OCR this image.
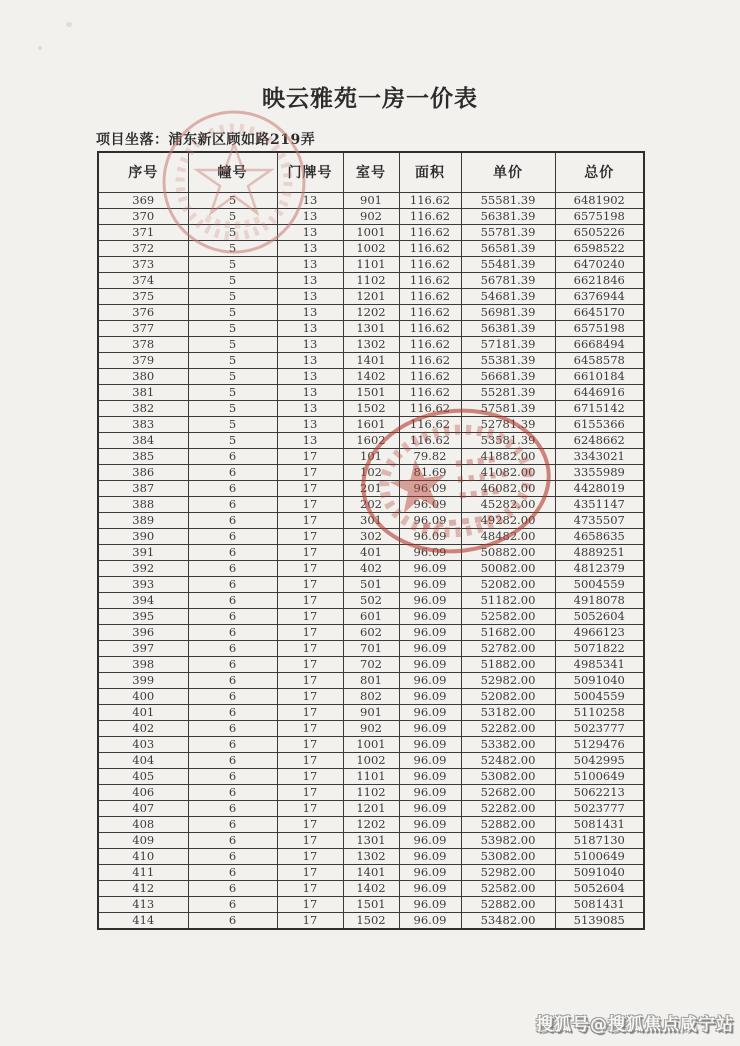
映云雅苑一房一价表
项目坐落：浦东新区顾如路219弄
序号	幢号	门牌号	室号	面积	单价	总价
369	5	13	901	116.62	55581.39	6481902
370	5	13	902	116.62	56381.39	6575198
371	5	13	1001	116.62	55781.39	6505226
372	5	13	1002	116.62	56581.39	6598522
373	5	13	1101	116.62	55481.39	6470240
374	5	13	1102	116.62	56781.39	6621846
375	5	13	1201	116.62	54681.39	6376944
376	5	13	1202	116.62	56981.39	6645170
377	5	13	1301	116.62	56381.39	6575198
378	5	13	1302	116.62	57181.39	6668494
379	5	13	1401	116.62	55381.39	6458578
380	5	13	1402	116.62	56681.39	6610184
381	5	13	1501	116.62	55281.39	6446916
382	5	13	1502	116.62	57581.39	6715142
383	5	13	1601	116.62	52781.39	6155366
384	5	13	1602	116.62	53581.39	6248662
385	6	17	101	79.82	41882.00	3343021
386	6	17	102	81.69	41082.00	3355989
387	6	17	201	96.09	46082.00	4428019
388	6	17	202	96.09	45282.00	4351147
389	6	17	301	96.09	49282.00	4735507
390	6	17	302	96.09	48482.00	4658635
391	6	17	401	96.09	50882.00	4889251
392	6	17	402	96.09	50082.00	4812379
393	6	17	501	96.09	52082.00	5004559
394	6	17	502	96.09	51182.00	4918078
395	6	17	601	96.09	52582.00	5052604
396	6	17	602	96.09	51682.00	4966123
397	6	17	701	96.09	52782.00	5071822
398	6	17	702	96.09	51882.00	4985341
399	6	17	801	96.09	52982.00	5091040
400	6	17	802	96.09	52082.00	5004559
401	6	17	901	96.09	53182.00	5110258
402	6	17	902	96.09	52282.00	5023777
403	6	17	1001	96.09	53382.00	5129476
404	6	17	1002	96.09	52482.00	5042995
405	6	17	1101	96.09	53082.00	5100649
406	6	17	1102	96.09	52682.00	5062213
407	6	17	1201	96.09	52282.00	5023777
408	6	17	1202	96.09	52882.00	5081431
409	6	17	1301	96.09	53982.00	5187130
410	6	17	1302	96.09	53082.00	5100649
411	6	17	1401	96.09	52982.00	5091040
412	6	17	1402	96.09	52582.00	5052604
413	6	17	1501	96.09	52882.00	5081431
414	6	17	1502	96.09	53482.00	5139085
搜狐号@搜狐焦点咸宁站
